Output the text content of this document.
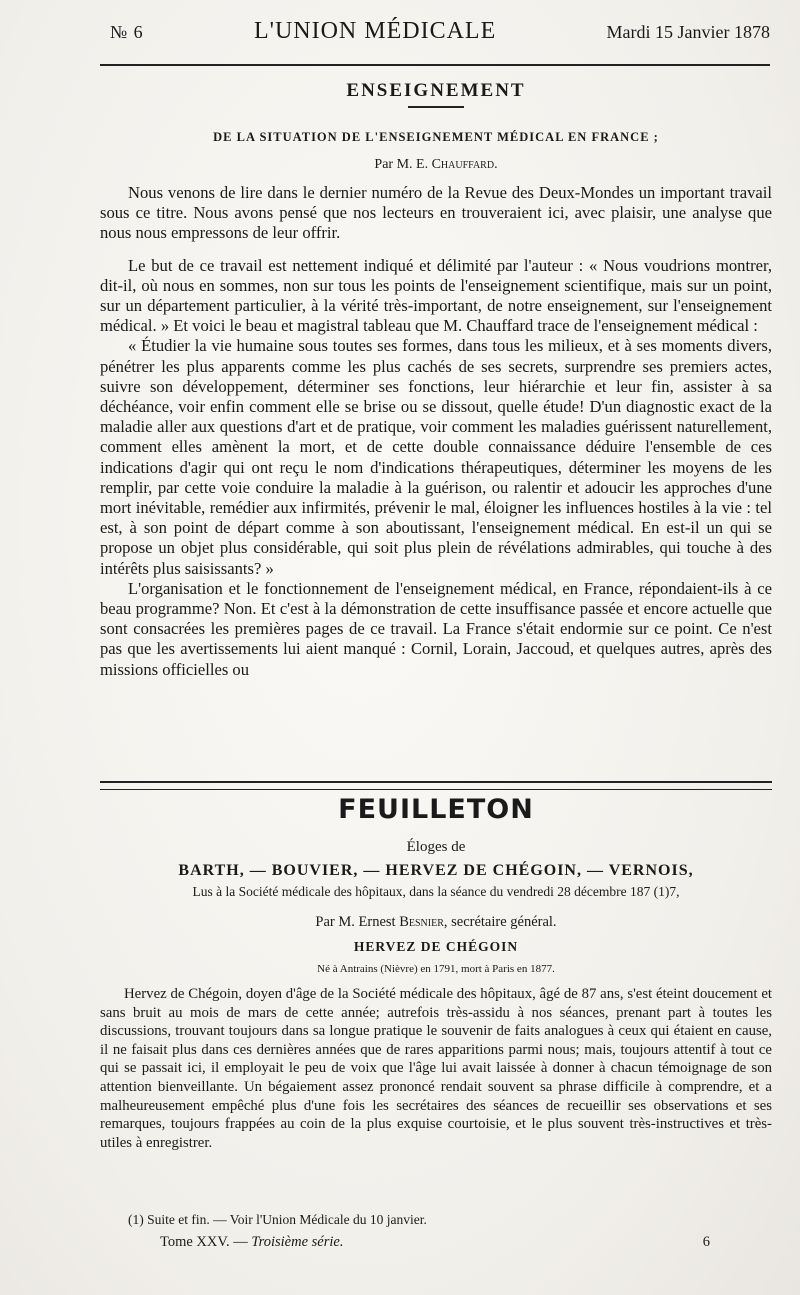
№ 6	L'UNION MÉDICALE	Mardi 15 Janvier 1878
ENSEIGNEMENT
DE LA SITUATION DE L'ENSEIGNEMENT MÉDICAL EN FRANCE ;
Par M. E. Chauffard.

Nous venons de lire dans le dernier numéro de la Revue des Deux-Mondes un important travail sous ce titre. Nous avons pensé que nos lecteurs en trouveraient ici, avec plaisir, une analyse que nous nous empressons de leur offrir.

Le but de ce travail est nettement indiqué et délimité par l'auteur : « Nous voudrions montrer, dit-il, où nous en sommes, non sur tous les points de l'enseignement scientifique, mais sur un point, sur un département particulier, à la vérité très-important, de notre enseignement, sur l'enseignement médical. » Et voici le beau et magistral tableau que M. Chauffard trace de l'enseignement médical :

« Étudier la vie humaine sous toutes ses formes, dans tous les milieux, et à ses moments divers, pénétrer les plus apparents comme les plus cachés de ses secrets, surprendre ses premiers actes, suivre son développement, déterminer ses fonctions, leur hiérarchie et leur fin, assister à sa déchéance, voir enfin comment elle se brise ou se dissout, quelle étude! D'un diagnostic exact de la maladie aller aux questions d'art et de pratique, voir comment les maladies guérissent naturellement, comment elles amènent la mort, et de cette double connaissance déduire l'ensemble de ces indications d'agir qui ont reçu le nom d'indications thérapeutiques, déterminer les moyens de les remplir, par cette voie conduire la maladie à la guérison, ou ralentir et adoucir les approches d'une mort inévitable, remédier aux infirmités, prévenir le mal, éloigner les influences hostiles à la vie : tel est, à son point de départ comme à son aboutissant, l'enseignement médical. En est-il un qui se propose un objet plus considérable, qui soit plus plein de révélations admirables, qui touche à des intérêts plus saisissants? »

L'organisation et le fonctionnement de l'enseignement médical, en France, répondaient-ils à ce beau programme? Non. Et c'est à la démonstration de cette insuffisance passée et encore actuelle que sont consacrées les premières pages de ce travail. La France s'était endormie sur ce point. Ce n'est pas que les avertissements lui aient manqué : Cornil, Lorain, Jaccoud, et quelques autres, après des missions officielles ou

FEUILLETON
Éloges de
BARTH, — BOUVIER, — HERVEZ DE CHÉGOIN, — VERNOIS,
Lus à la Société médicale des hôpitaux, dans la séance du vendredi 28 décembre 187 (1)7,
Par M. Ernest Besnier, secrétaire général.
HERVEZ DE CHÉGOIN
Né à Antrains (Nièvre) en 1791, mort à Paris en 1877.

Hervez de Chégoin, doyen d'âge de la Société médicale des hôpitaux, âgé de 87 ans, s'est éteint doucement et sans bruit au mois de mars de cette année; autrefois très-assidu à nos séances, prenant part à toutes les discussions, trouvant toujours dans sa longue pratique le souvenir de faits analogues à ceux qui étaient en cause, il ne faisait plus dans ces dernières années que de rares apparitions parmi nous; mais, toujours attentif à tout ce qui se passait ici, il employait le peu de voix que l'âge lui avait laissée à donner à chacun témoignage de son attention bienveillante. Un bégaiement assez prononcé rendait souvent sa phrase difficile à comprendre, et a malheureusement empêché plus d'une fois les secrétaires des séances de recueillir ses observations et ses remarques, toujours frappées au coin de la plus exquise courtoisie, et le plus souvent très-instructives et très-utiles à enregistrer.

(1) Suite et fin. — Voir l'Union Médicale du 10 janvier.
Tome XXV. — Troisième série.	6
